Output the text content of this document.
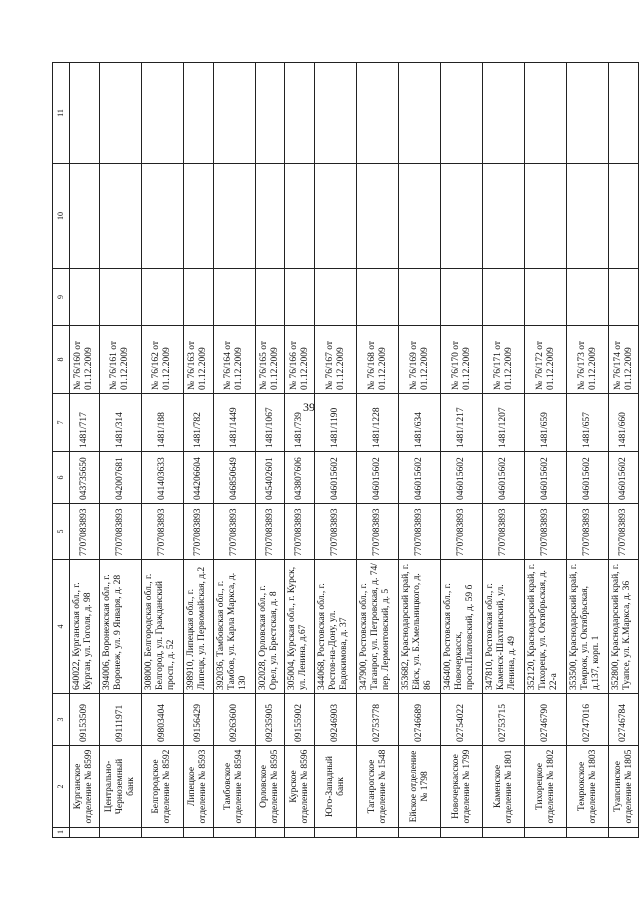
39
1	2	3	4	5	6	7	8	9	10	11
	Курганское отделение № 8599	09153509	640022, Курганская обл., г. Курган, ул. Гоголя, д. 98	7707083893	043735650	1481/717	№ 76/160 от 01.12.2009			
	Центрально-Черноземный банк	09111971	394006, Воронежская обл., г. Воронеж, ул. 9 Января, д. 28	7707083893	042007681	1481/314	№ 76/161 от 01.12.2009			
	Белгородское отделение № 8592	09803404	308000, Белгородская обл., г. Белгород, ул. Гражданский просп., д. 52	7707083893	041403633	1481/188	№ 76/162 от 01.12.2009			
	Липецкое отделение № 8593	09156429	398910, Липецкая обл., г. Липецк, ул. Первомайская, д.2	7707083893	044206604	1481/782	№ 76/163 от 01.12.2009			
	Тамбовское отделение № 8594	09263600	392036, Тамбовская обл., г. Тамбов, ул. Карла Маркса, д. 130	7707083893	046850649	1481/1449	№ 76/164 от 01.12.2009			
	Орловское отделение № 8595	09235905	302028, Орловская обл., г. Орел, ул. Брестская, д. 8	7707083893	045402601	1481/1067	№ 76/165 от 01.12.2009			
	Курское отделение № 8596	09155902	305004, Курская обл., г. Курск, ул. Ленина, д.67	7707083893	043807606	1481/739	№ 76/166 от 01.12.2009			
	Юго-Западный банк	09246903	344068, Ростовская обл., г. Ростов-на-Дону, ул. Евдокимова, д. 37	7707083893	046015602	1481/1190	№ 76/167 от 01.12.2009			
	Таганрогское отделение № 1548	02753778	347900, Ростовская обл., г. Таганрог, ул. Петровская, д. 74/пер. Лермонтовский, д. 5	7707083893	046015602	1481/1228	№ 76/168 от 01.12.2009			
	Ейское отделение № 1798	02746689	353682, Краснодарский край, г. Ейск, ул. Б.Хмельницкого, д. 86	7707083893	046015602	1481/634	№ 76/169 от 01.12.2009			
	Новочеркасское отделение № 1799	02754022	346400, Ростовская обл., г. Новочеркасск, просп.Платовский, д. 59 б	7707083893	046015602	1481/1217	№ 76/170 от 01.12.2009			
	Каменское отделение № 1801	02753715	347810, Ростовская обл., г. Каменск-Шахтинский, ул. Ленина, д. 49	7707083893	046015602	1481/1207	№ 76/171 от 01.12.2009			
	Тихорецкое отделение № 1802	02746790	352120, Краснодарский край, г. Тихорецк, ул. Октябрьская, д. 22-а	7707083893	046015602	1481/659	№ 76/172 от 01.12.2009			
	Темрюкское отделение № 1803	02747016	353500, Краснодарский край, г. Темрюк, ул. Октябрьская, д.137, корп. 1	7707083893	046015602	1481/657	№ 76/173 от 01.12.2009			
	Туапсинское отделение № 1805	02746784	352800, Краснодарский край, г. Туапсе, ул. К.Маркса, д. 36	7707083893	046015602	1481/660	№ 76/174 от 01.12.2009			
